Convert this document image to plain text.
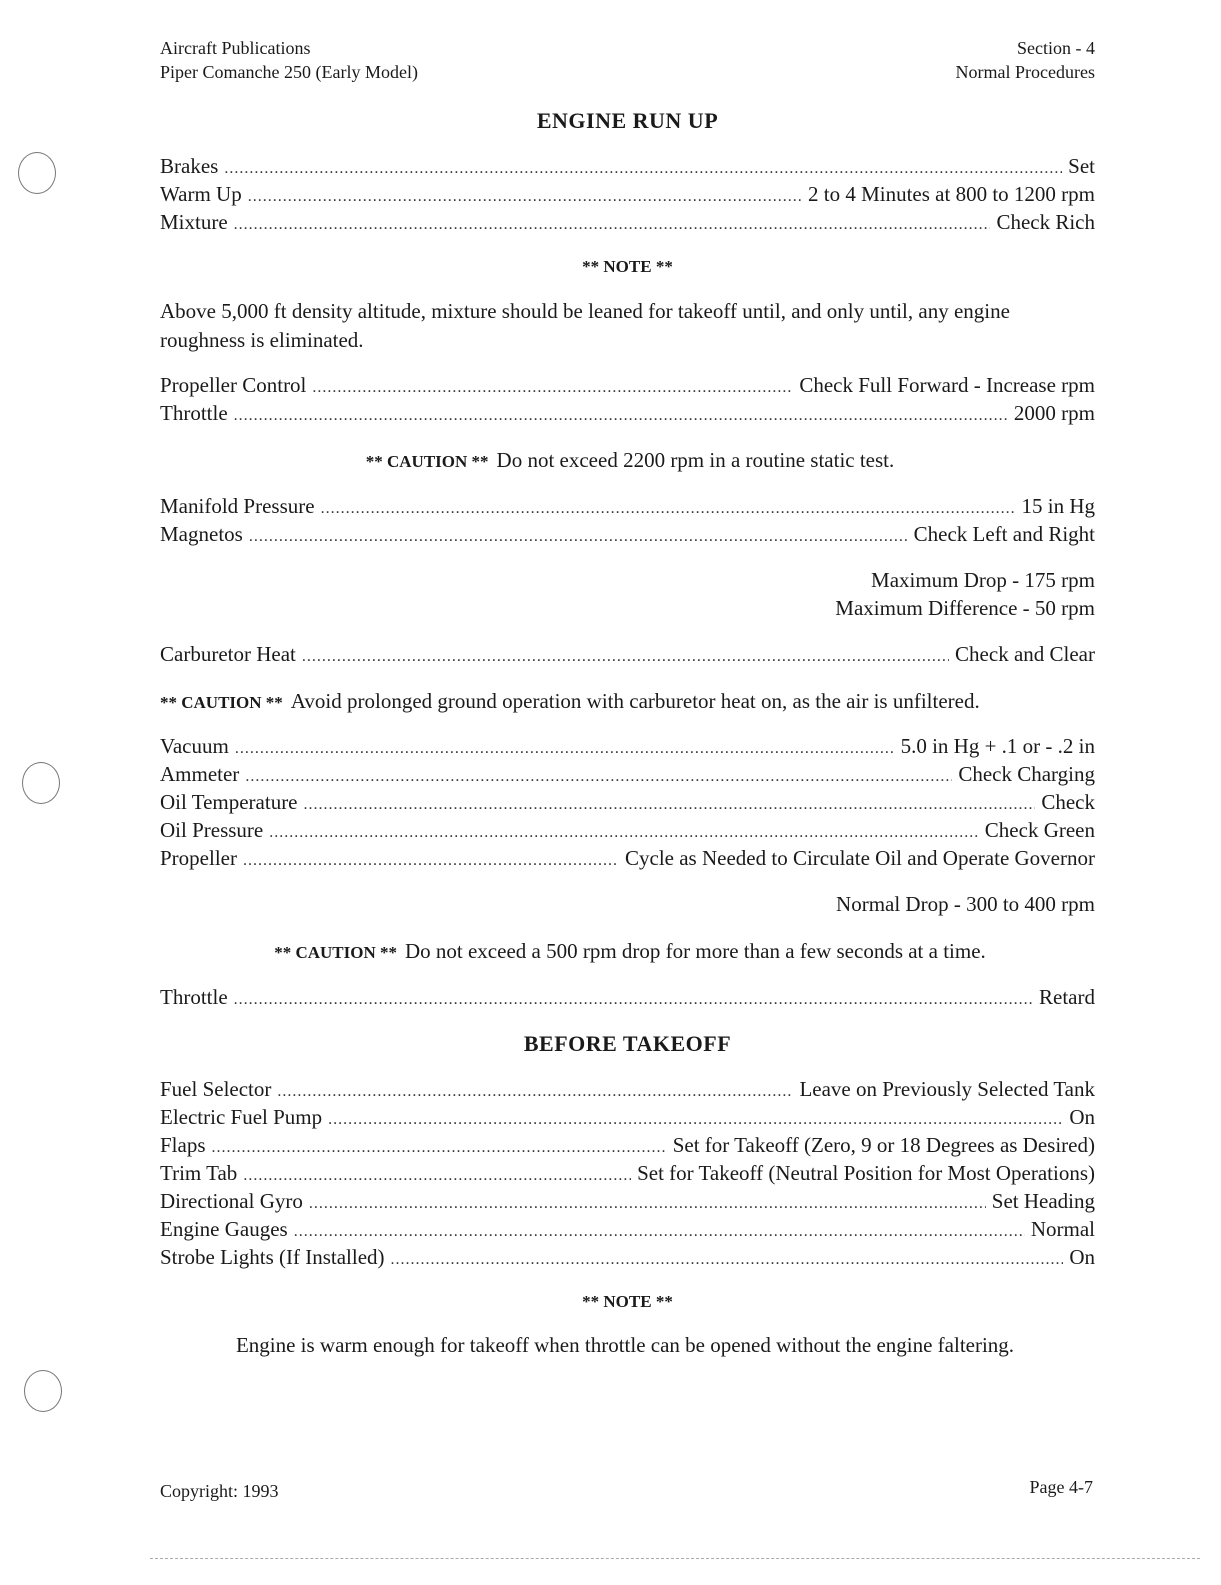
Aircraft Publications
Piper Comanche 250 (Early Model)
Section - 4
Normal Procedures
ENGINE RUN UP
Brakes .....	Set
Warm Up .....	2 to 4 Minutes at 800 to 1200 rpm
Mixture .....	Check Rich
** NOTE **
Above 5,000 ft density altitude, mixture should be leaned for takeoff until, and only until, any engine roughness is eliminated.
Propeller Control .....	Check Full Forward - Increase rpm
Throttle .....	2000 rpm
** CAUTION ** Do not exceed 2200 rpm in a routine static test.
Manifold Pressure .....	15 in Hg
Magnetos .....	Check Left and Right
Maximum Drop - 175 rpm
Maximum Difference - 50 rpm
Carburetor Heat .....	Check and Clear
** CAUTION ** Avoid prolonged ground operation with carburetor heat on, as the air is unfiltered.
Vacuum .....	5.0 in Hg + .1 or - .2 in
Ammeter .....	Check Charging
Oil Temperature .....	Check
Oil Pressure .....	Check Green
Propeller .....	Cycle as Needed to Circulate Oil and Operate Governor
Normal Drop - 300 to 400 rpm
** CAUTION ** Do not exceed a 500 rpm drop for more than a few seconds at a time.
Throttle .....	Retard
BEFORE TAKEOFF
Fuel Selector .....	Leave on Previously Selected Tank
Electric Fuel Pump .....	On
Flaps .....	Set for Takeoff (Zero, 9 or 18 Degrees as Desired)
Trim Tab .....	Set for Takeoff (Neutral Position for Most Operations)
Directional Gyro .....	Set Heading
Engine Gauges .....	Normal
Strobe Lights (If Installed) .....	On
** NOTE **
Engine is warm enough for takeoff when throttle can be opened without the engine faltering.
Copyright: 1993	Page 4-7
